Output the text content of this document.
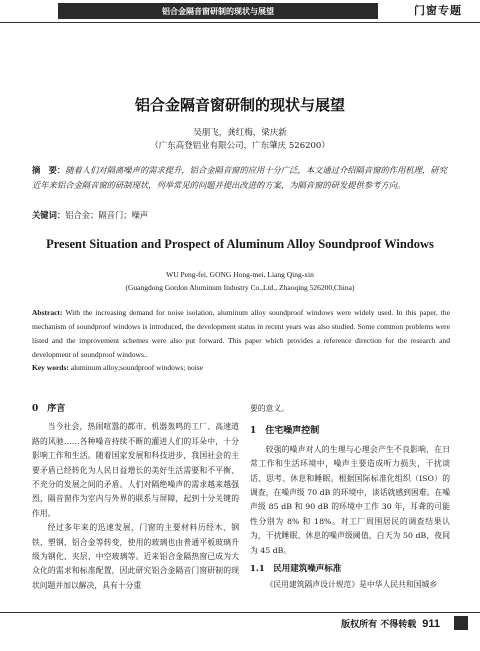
铝合金隔音窗研制的现状与展望	门窗专题
铝合金隔音窗研制的现状与展望
吴朋飞，龚红梅，梁庆新
（广东高登铝业有限公司，广东肇庆 526200）
摘　要：随着人们对隔离噪声的需求提升，铝合金隔音窗的应用十分广泛，本文通过介绍隔音窗的作用机理，研究近年来铝合金隔音窗的研制现状，列举常见的问题并提出改进的方案，为隔音窗的研发提供参考方向。
关键词：铝合金；隔音门；噪声
Present Situation and Prospect of Aluminum Alloy Soundproof Windows
WU Peng-fei, GONG Hong-mei, Liang Qing-xin
(Guangdong Gordon Aluminum Industry Co.,Ltd., Zhaoqing 526200,China)
Abstract: With the increasing demand for noise isolation, aluminum alloy soundproof windows were widely used. In this paper, the mechanism of soundproof windows is introduced, the development status in recent years was also studied. Some common problems were listed and the improvement schemes were also put forward. This paper which provides a reference direction for the research and development of soundproof windows..
Key words: aluminum alloy;soundproof windows; noise
0　序言

当今社会，热闹喧嚣的都市、机器轰鸣的工厂、高速道路的风驰……各种噪音持续不断的灌进人们的耳朵中，十分影响工作和生活。随着国家发展和科技进步，我国社会的主要矛盾已经转化为人民日益增长的美好生活需要和不平衡、不充分的发展之间的矛盾。人们对隔绝噪声的需求越来越强烈，隔音窗作为室内与外界的联系与屏障，起到十分关键的作用。

经过多年来的迅速发展，门窗的主要材料历经木、钢铁、塑钢、铝合金等转变，使用的玻璃也由普通平板玻璃升级为钢化、夹层、中空玻璃等。近来铝合金隔热窗已成为大众化的需求和标准配置，因此研究铝合金隔音门窗研制的现状问题并加以解决，具有十分重

要的意义。

1　住宅噪声控制

较强的噪声对人的生理与心理会产生不良影响，在日常工作和生活环境中，噪声主要造成听力损失，干扰谈话、思考、休息和睡眠。根据国际标准化组织（ISO）的调查，在噪声级 70 dB 的环境中，谈话就感到困难。在噪声级 85 dB 和 90 dB 的环境中工作 30 年，耳聋的可能性分别为 8% 和 18%。对工厂周围居民的调查结果认为，干扰睡眠、休息的噪声级阈值，白天为 50 dB，夜间为 45 dB。

1.1　民用建筑噪声标准

《民用建筑隔声设计规范》是中华人民共和国城乡

版权所有 不得转载 911
